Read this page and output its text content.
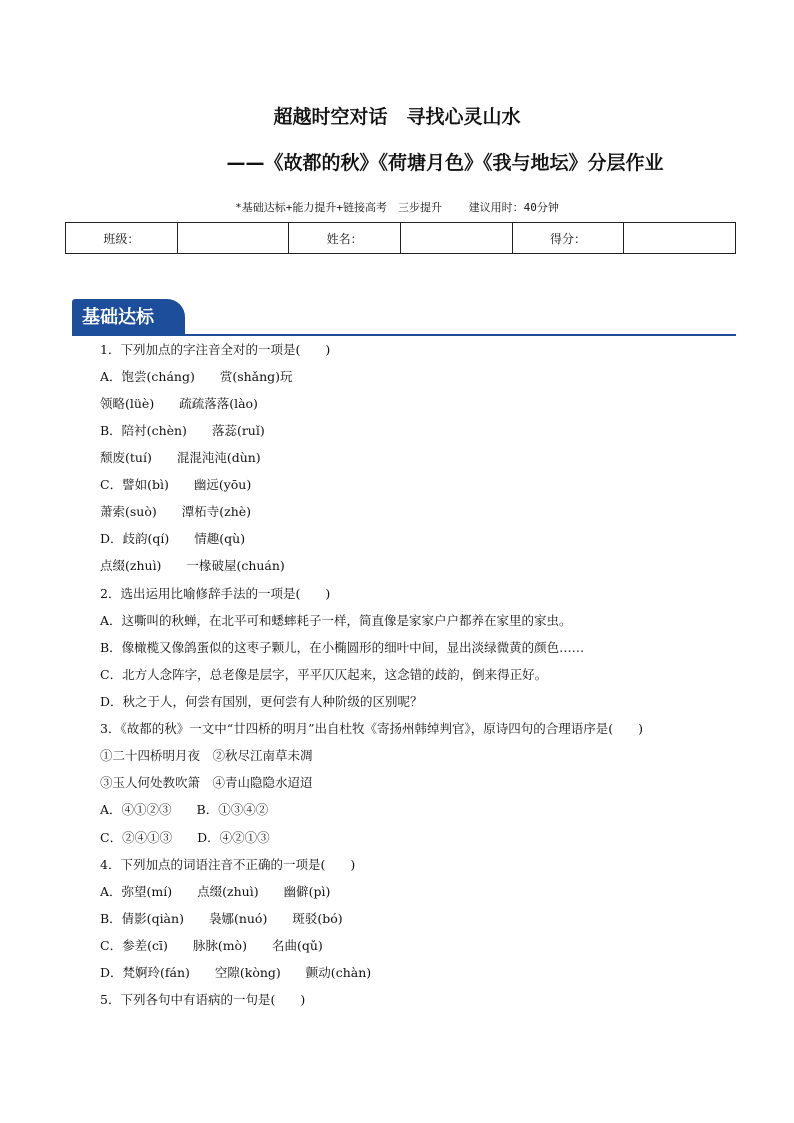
超越时空对话　寻找心灵山水
——《故都的秋》《荷塘月色》《我与地坛》分层作业
*基础达标+能力提升+链接高考　三步提升 建议用时：40分钟
班级：		姓名：		得分：	
基础达标
1．下列加点的字注音全对的一项是(　　)
A．饱尝(cháng)　　赏(shǎng)玩
领略(lüè)　　疏疏落落(lào)
B．陪衬(chèn)　　落蕊(ruǐ)
颓废(tuí)　　混混沌沌(dùn)
C．譬如(bì)　　幽远(yōu)
萧索(suò)　　潭柘寺(zhè)
D．歧韵(qí)　　情趣(qù)
点缀(zhuì)　　一椽破屋(chuán)
2．选出运用比喻修辞手法的一项是(　　)
A．这嘶叫的秋蝉，在北平可和蟋蟀耗子一样，简直像是家家户户都养在家里的家虫。
B．像橄榄又像鸽蛋似的这枣子颗儿，在小椭圆形的细叶中间，显出淡绿微黄的颜色……
C．北方人念阵字，总老像是层字，平平仄仄起来，这念错的歧韵，倒来得正好。
D．秋之于人，何尝有国别，更何尝有人种阶级的区别呢？
3．《故都的秋》一文中“廿四桥的明月”出自杜牧《寄扬州韩绰判官》，原诗四句的合理语序是(　　)
①二十四桥明月夜　②秋尽江南草未凋
③玉人何处教吹箫　④青山隐隐水迢迢
A．④①②③　　B．①③④②
C．②④①③　　D．④②①③
4．下列加点的词语注音不正确的一项是(　　)
A．弥望(mí)　　点缀(zhuì)　　幽僻(pì)
B．倩影(qiàn)　　袅娜(nuó)　　斑驳(bó)
C．参差(cī)　　脉脉(mò)　　名曲(qǔ)
D．梵婀玲(fán)　　空隙(kòng)　　颤动(chàn)
5．下列各句中有语病的一句是(　　)
